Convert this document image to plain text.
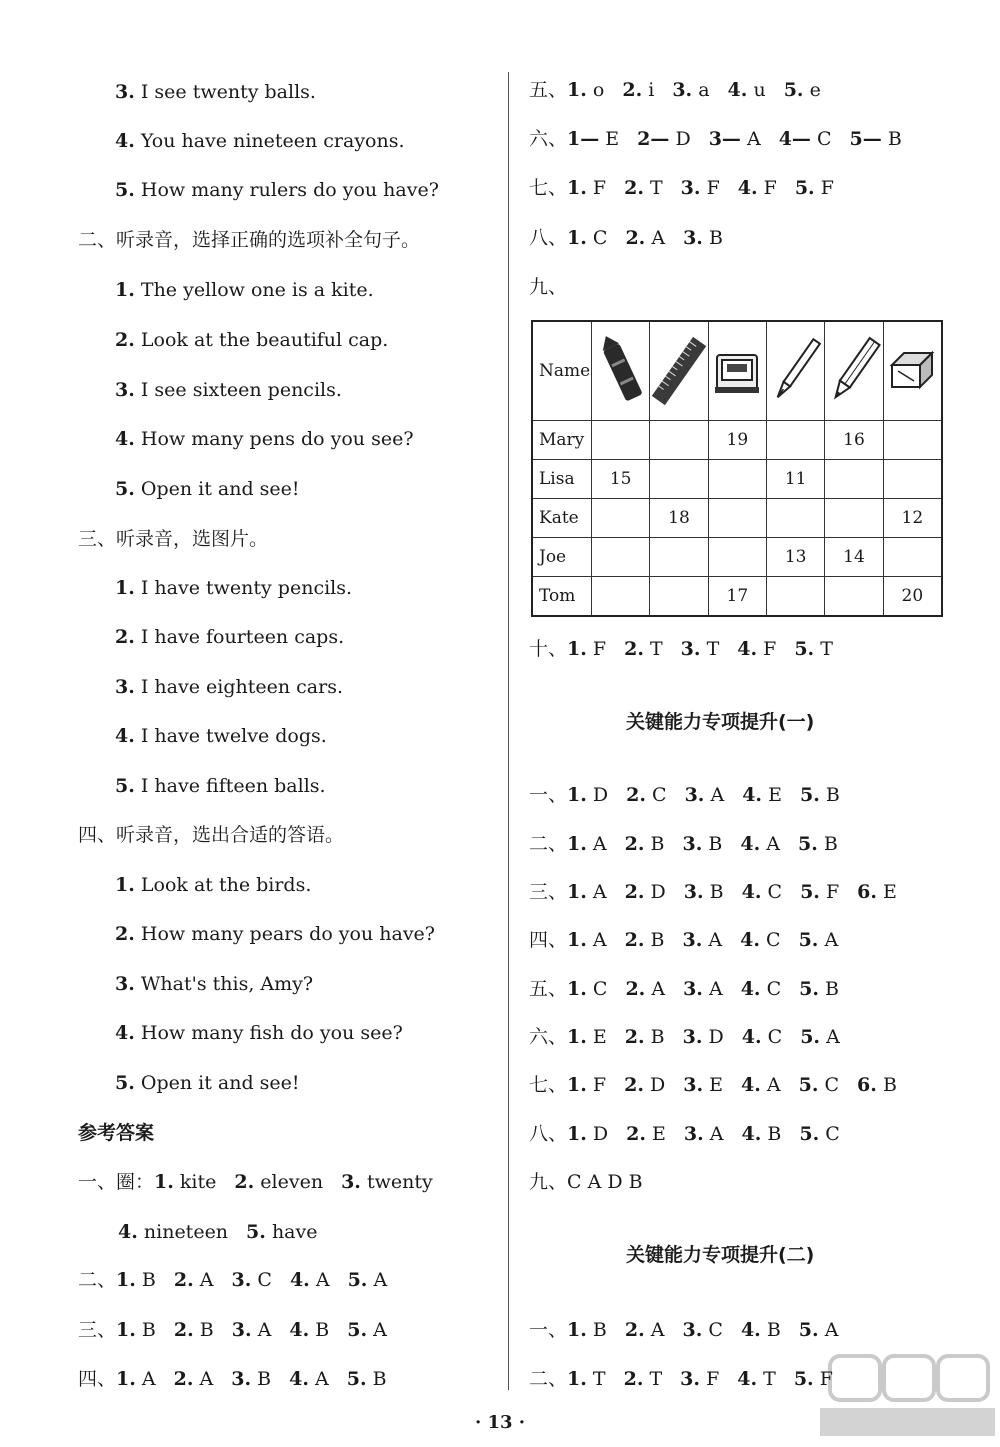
3. I see twenty balls.
4. You have nineteen crayons.
5. How many rulers do you have?
二、听录音，选择正确的选项补全句子。
1. The yellow one is a kite.
2. Look at the beautiful cap.
3. I see sixteen pencils.
4. How many pens do you see?
5. Open it and see!
三、听录音，选图片。
1. I have twenty pencils.
2. I have fourteen caps.
3. I have eighteen cars.
4. I have twelve dogs.
5. I have fifteen balls.
四、听录音，选出合适的答语。
1. Look at the birds.
2. How many pears do you have?
3. What's this, Amy?
4. How many fish do you see?
5. Open it and see!
参考答案
一、圈：1. kite 2. eleven 3. twenty
4. nineteen 5. have
二、1. B 2. A 3. C 4. A 5. A
三、1. B 2. B 3. A 4. B 5. A
四、1. A 2. A 3. B 4. A 5. B
五、1. o 2. i 3. a 4. u 5. e
六、1— E 2— D 3— A 4— C 5— B
七、1. F 2. T 3. F 4. F 5. F
八、1. C 2. A 3. B
九、
Name	

Mary			19		16	
Lisa	15			11		
Kate		18				12
Joe				13	14	
Tom			17			20
十、1. F 2. T 3. T 4. F 5. T
关键能力专项提升(一)
一、1. D 2. C 3. A 4. E 5. B
二、1. A 2. B 3. B 4. A 5. B
三、1. A 2. D 3. B 4. C 5. F 6. E
四、1. A 2. B 3. A 4. C 5. A
五、1. C 2. A 3. A 4. C 5. B
六、1. E 2. B 3. D 4. C 5. A
七、1. F 2. D 3. E 4. A 5. C 6. B
八、1. D 2. E 3. A 4. B 5. C
九、C A D B
关键能力专项提升(二)
一、1. B 2. A 3. C 4. B 5. A
二、1. T 2. T 3. F 4. T 5. F
· 13 ·
